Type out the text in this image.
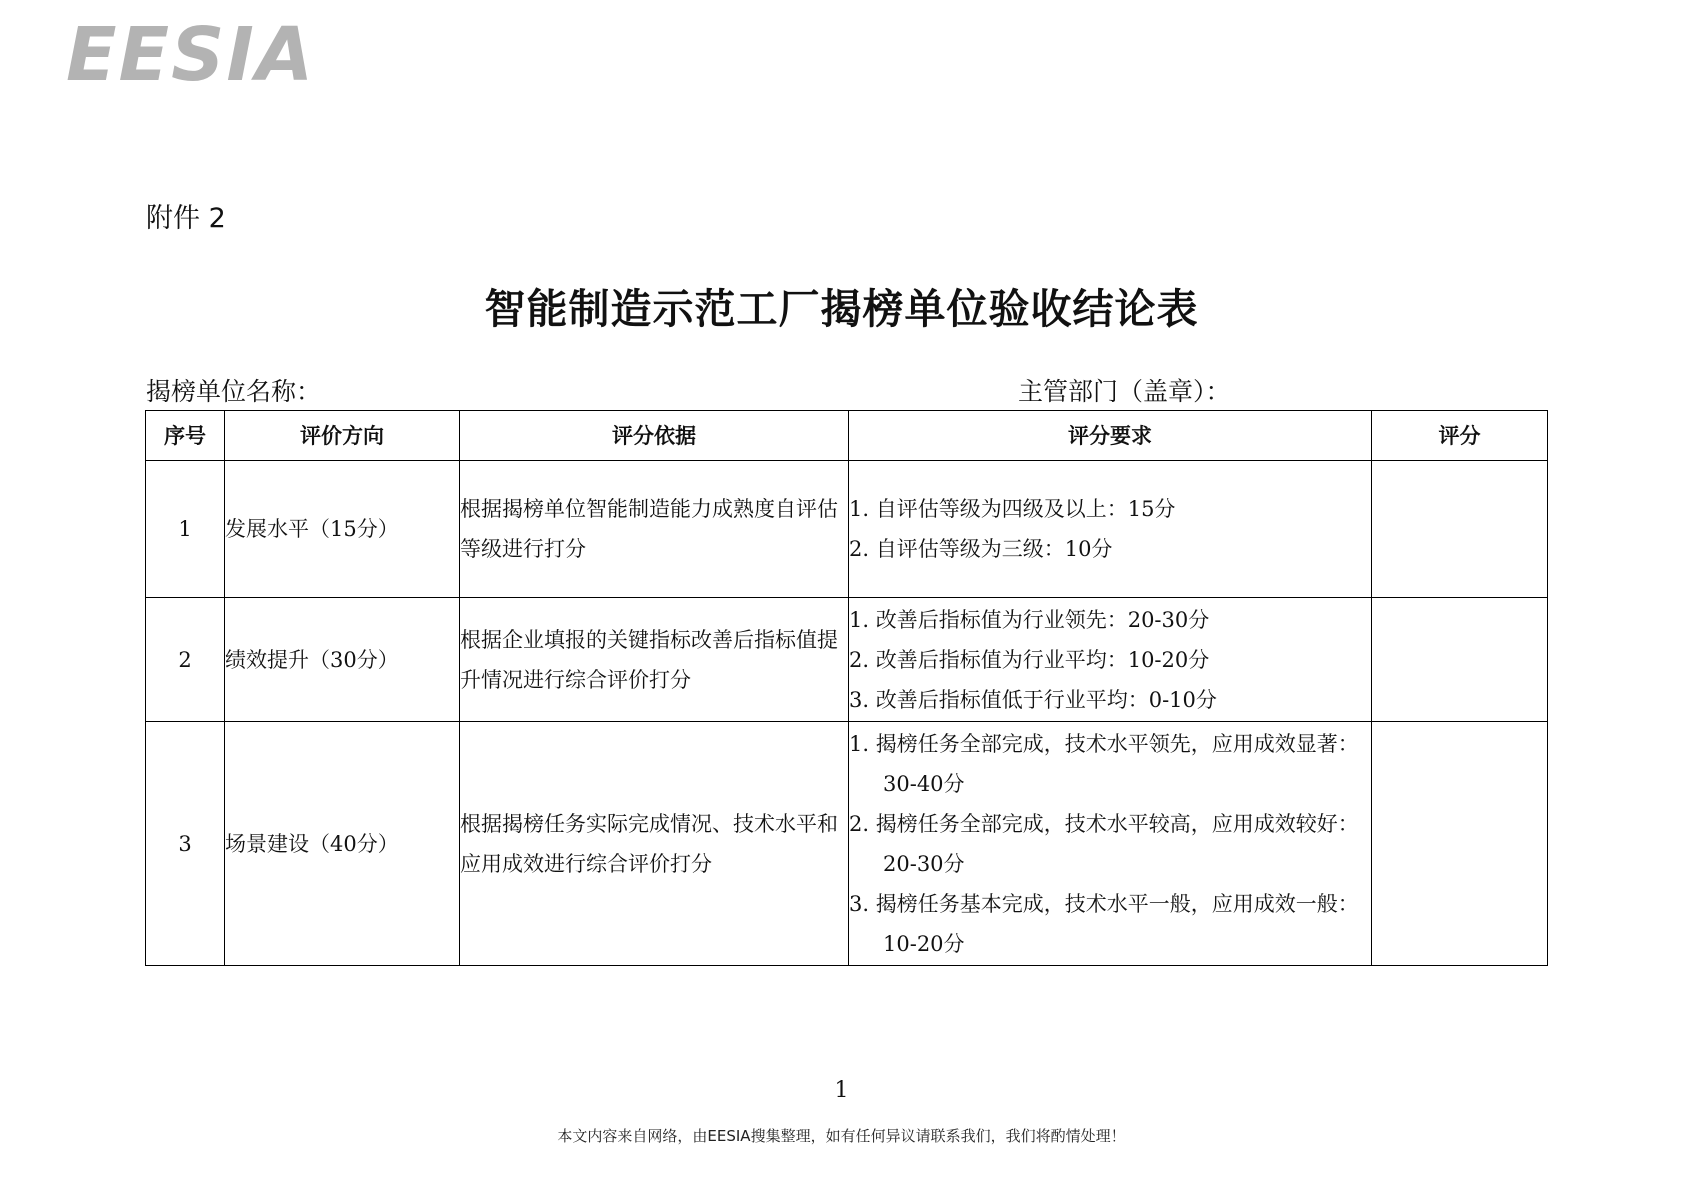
EESIA
附件 2
智能制造示范工厂揭榜单位验收结论表
揭榜单位名称：	主管部门（盖章）：
序号	评价方向	评分依据	评分要求	评分
1	发展水平（15分）	根据揭榜单位智能制造能力成熟度自评估等级进行打分	1. 自评估等级为四级及以上：15分
2. 自评估等级为三级：10分	

2	绩效提升（30分）	根据企业填报的关键指标改善后指标值提升情况进行综合评价打分	1. 改善后指标值为行业领先：20-30分
2. 改善后指标值为行业平均：10-20分
3. 改善后指标值低于行业平均：0-10分	

3	场景建设（40分）	根据揭榜任务实际完成情况、技术水平和应用成效进行综合评价打分	1. 揭榜任务全部完成，技术水平领先，应用成效显著：30-40分
2. 揭榜任务全部完成，技术水平较高，应用成效较好：20-30分
3. 揭榜任务基本完成，技术水平一般，应用成效一般：10-20分	

1
本文内容来自网络，由EESIA搜集整理，如有任何异议请联系我们，我们将酌情处理！
